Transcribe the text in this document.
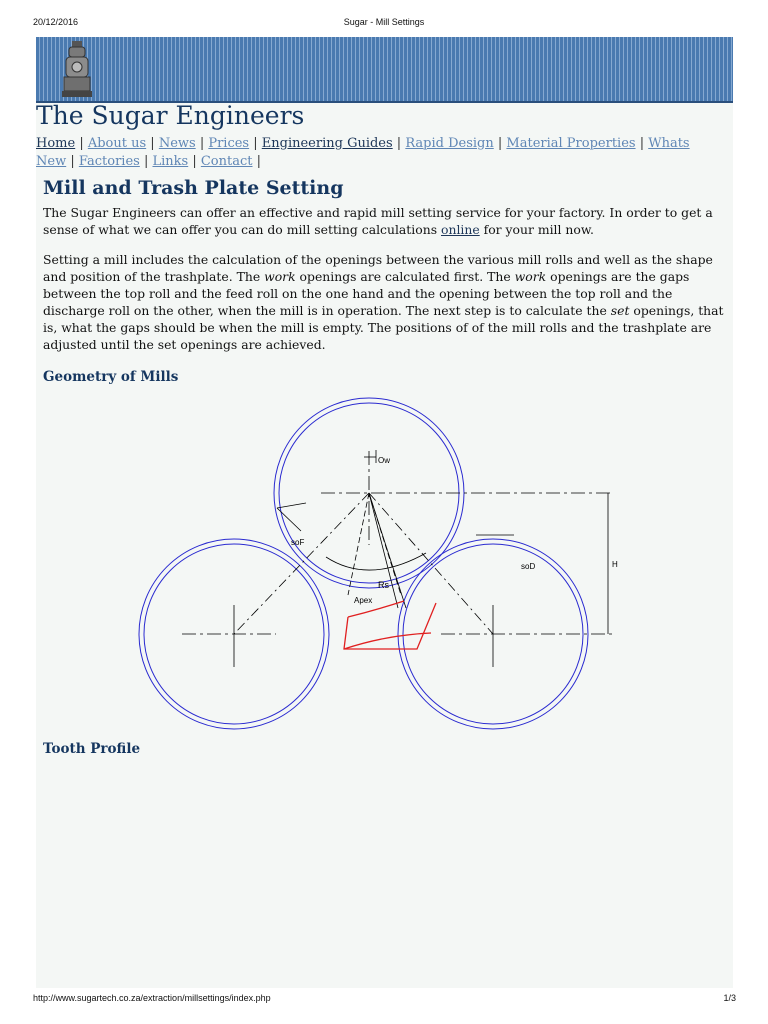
20/12/2016	Sugar - Mill Settings
The Sugar Engineers
Home | About us | News | Prices | Engineering Guides | Rapid Design | Material Properties | Whats New | Factories | Links | Contact |
Mill and Trash Plate Setting
The Sugar Engineers can offer an effective and rapid mill setting service for your factory. In order to get a sense of what we can offer you can do mill setting calculations online for your mill now.
Setting a mill includes the calculation of the openings between the various mill rolls and well as the shape and position of the trashplate. The work openings are calculated first. The work openings are the gaps between the top roll and the feed roll on the one hand and the opening between the top roll and the discharge roll on the other, when the mill is in operation. The next step is to calculate the set openings, that is, what the gaps should be when the mill is empty. The positions of of the mill rolls and the trashplate are adjusted until the set openings are achieved.
Geometry of Mills
Ow
soF
soD
Rs
Apex
H
Tooth Profile
http://www.sugartech.co.za/extraction/millsettings/index.php	1/3
